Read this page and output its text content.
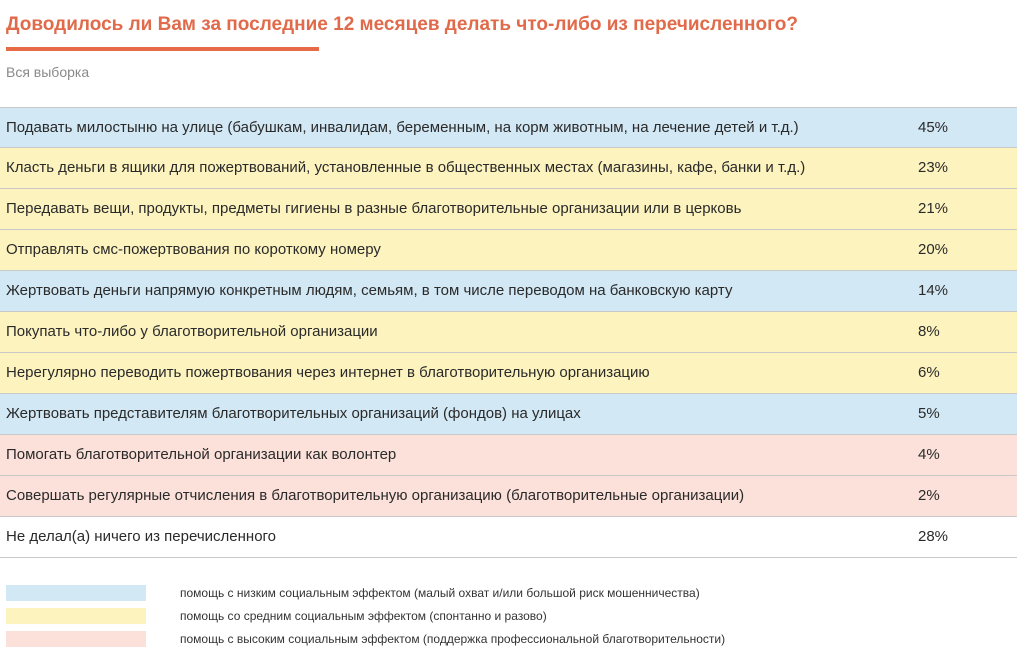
Доводилось ли Вам за последние 12 месяцев делать что-либо из перечисленного?
Вся выборка
Подавать милостыню на улице (бабушкам, инвалидам, беременным, на корм животным, на лечение детей и т.д.)	45%
Класть деньги в ящики для пожертвований, установленные в общественных местах (магазины, кафе, банки и т.д.)	23%
Передавать вещи, продукты, предметы гигиены в разные благотворительные организации или в церковь	21%
Отправлять смс-пожертвования по короткому номеру	20%
Жертвовать деньги напрямую конкретным людям, семьям, в том числе переводом на банковскую карту	14%
Покупать что-либо у благотворительной организации	8%
Нерегулярно переводить пожертвования через интернет в благотворительную организацию	6%
Жертвовать представителям благотворительных организаций (фондов) на улицах	5%
Помогать благотворительной организации как волонтер	4%
Совершать регулярные отчисления в благотворительную организацию (благотворительные организации)	2%
Не делал(а) ничего из перечисленного	28%
помощь с низким социальным эффектом (малый охват и/или большой риск мошенничества)
помощь со средним социальным эффектом (спонтанно и разово)
помощь с высоким социальным эффектом (поддержка профессиональной благотворительности)
